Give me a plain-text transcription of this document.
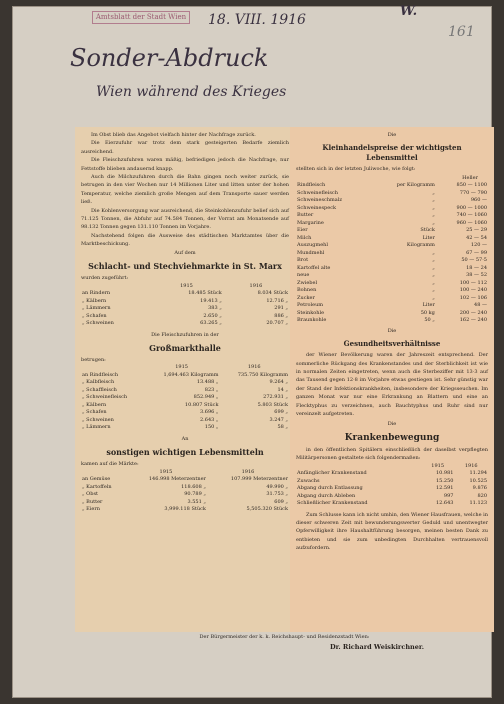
Amtsblatt der Stadt Wien 18. VIII. 1916
W.
161
Sonder-Abdruck
Wien während des Krieges

Im Obst blieb das Angebot vielfach hinter der Nachfrage zurück.

Die Eierzufuhr war trotz dem stark gesteigerten Bedarfe ziemlich ausreichend.

Die Fleischzufuhren waren mäßig, befriedigen jedoch die Nachfrage, nur Fettstoffe blieben andauernd knapp.

Auch die Milchzufuhren durch die Bahn gingen noch weiter zurück, sie betrugen in den vier Wochen nur 14 Millionen Liter und litten unter der hohen Temperatur, welche ziemlich große Mengen auf dem Transporte sauer werden ließ.

Die Kohlenversorgung war ausreichend, die Steinkohlenzufuhr belief sich auf 71.125 Tonnen, die Abfuhr auf 74.584 Tonnen, der Vorrat am Monatsende auf 98.132 Tonnen gegen 131.110 Tonnen im Vorjahre.

Nachstehend folgen die Ausweise des städtischen Marktamtes über die Marktbeschickung.

Auf dem
Schlacht- und Stechviehmarkte in St. Marx
wurden zugeführt:
	1915	1916
an Rindern	18.485 Stück	8.034 Stück
„ Kälbern	19.413 „	12.716 „
„ Lämmern	383 „	291 „
„ Schafen	2.650 „	886 „
„ Schweinen	63.265 „	20.707 „
Die Fleischzufuhren in der
Großmarkthalle
betrugen:
	1915	1916
an Rindfleisch	1,694.463 Kilogramm	735.750 Kilogramm
„ Kalbfleisch	13.488 „	9.264 „
„ Schaffleisch	823 „	14 „
„ Schweinefleisch	852.949 „	272.931 „
„ Kälbern	10.807 Stück	5.803 Stück
„ Schafen	3.696 „	699 „
„ Schweinen	2.643 „	3.247 „
„ Lämmern	150 „	58 „
An
sonstigen wichtigen Lebensmitteln
kamen auf die Märkte:
	1915	1916
an Gemüse	146.998 Meterzentner	107.999 Meterzentner
„ Kartoffeln	118.608 „	49.990 „
„ Obst	90.789 „	31.753 „
„ Butter	3.551 „	609 „
„ Eiern	3,999.118 Stück	5,505.320 Stück
Die
Kleinhandelspreise der wichtigsten Lebensmittel
stellten sich in der letzten Juliwoche, wie folgt:
Heller
Rindfleisch	per Kilogramm	850 — 1100
Schweinefleisch	„	770 — 790
Schweineschmalz	„	960 —
Schweinespeck	„	900 — 1000
Butter	„	740 — 1060
Margarine	„	960 — 1060
Eier	Stück	25 — 29
Milch	Liter	42 — 54
Auszugmehl	Kilogramm	120 —
Mundmehl	„	67 — 99
Brot	„	50 — 57·5
Kartoffel alte	„	18 — 24
neue	„	38 — 52
Zwiebel	„	100 — 112
Bohnen	„	100 — 240
Zucker	„	102 — 106
Petroleum	Liter	48 —
Steinkohle	50 kg	200 — 240
Braunkohle	50 „	162 — 240
Die
Gesundheitsverhältnisse

der Wiener Bevölkerung waren der Jahreszeit entsprechend. Der sommerliche Rückgang des Krankenstandes und der Sterblichkeit ist wie in normalen Zeiten eingetreten, wenn auch die Sterbeziffer mit 13·3 auf das Tausend gegen 12·8 im Vorjahre etwas gestiegen ist. Sehr günstig war der Stand der Infektionskrankheiten, insbesondere der Kriegsseuchen. Im ganzen Monat war nur eine Erkrankung an Blattern und eine an Flecktyphus zu verzeichnen, auch Bauchtyphus und Ruhr sind nur vereinzelt aufgetreten.

Die
Krankenbewegung

in den öffentlichen Spitälern einschließlich der daselbst verpflegten Militärpersonen gestaltete sich folgendermaßen:

	1915	1916
Anfänglicher Krankenstand	10.981	11.294
Zuwachs	15.250	10.525
Abgang durch Entlassung	12.591	9.876
Abgang durch Ableben	997	820
Schließlicher Krankenstand	12.643	11.123

Zum Schlusse kann ich nicht umhin, den Wiener Hausfrauen, welche in dieser schweren Zeit mit bewunderungswerter Geduld und unentwegter Opferwilligkeit ihre Haushaltführung besorgen, meinen besten Dank zu entbieten und sie zum unbedingten Durchhalten vertrauensvoll aufzufordern.

Der Bürgermeister der k. k. Reichshaupt- und Residenzstadt Wien:
Dr. Richard Weiskirchner.
